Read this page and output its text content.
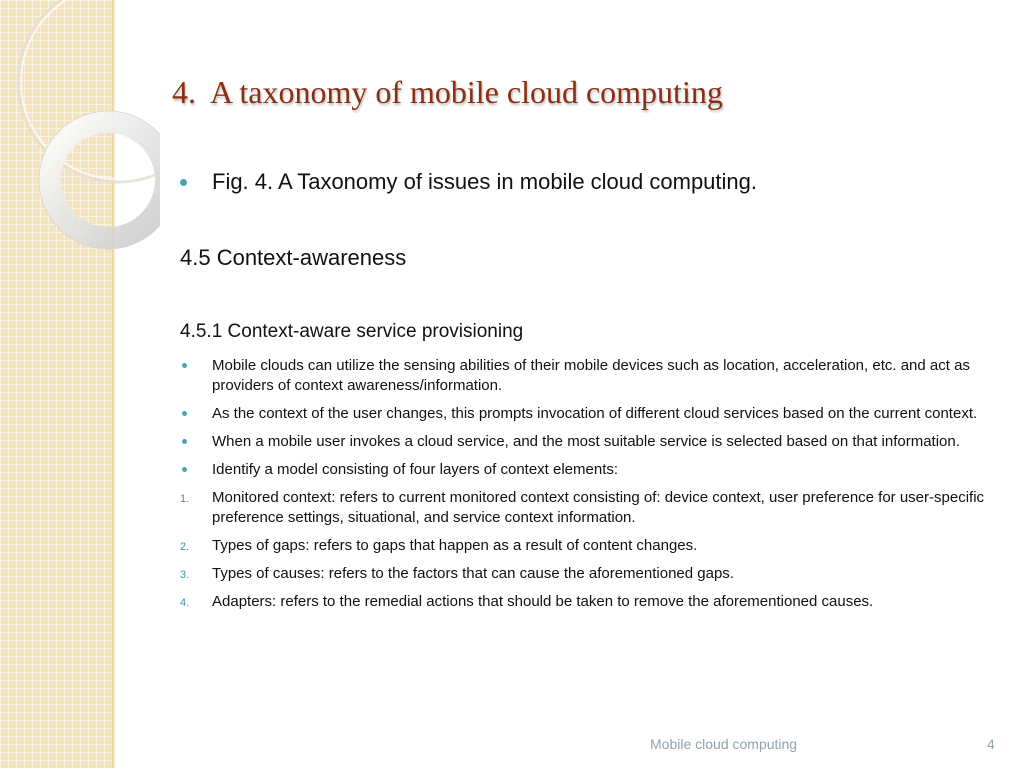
4. A taxonomy of mobile cloud computing
Fig. 4. A Taxonomy of issues in mobile cloud computing.
4.5 Context-awareness
4.5.1 Context-aware service provisioning
Mobile clouds can utilize the sensing abilities of their mobile devices such as location, acceleration, etc. and act as providers of context awareness/information.
As the context of the user changes, this prompts invocation of different cloud services based on the current context.
When a mobile user invokes a cloud service, and the most suitable service is selected based on that information.
Identify a model consisting of four layers of context elements:
1. Monitored context: refers to current monitored context consisting of: device context, user preference for user-specific preference settings, situational, and service context information.
2. Types of gaps: refers to gaps that happen as a result of content changes.
3. Types of causes: refers to the factors that can cause the aforementioned gaps.
4. Adapters: refers to the remedial actions that should be taken to remove the aforementioned causes.
Mobile cloud computing	4
